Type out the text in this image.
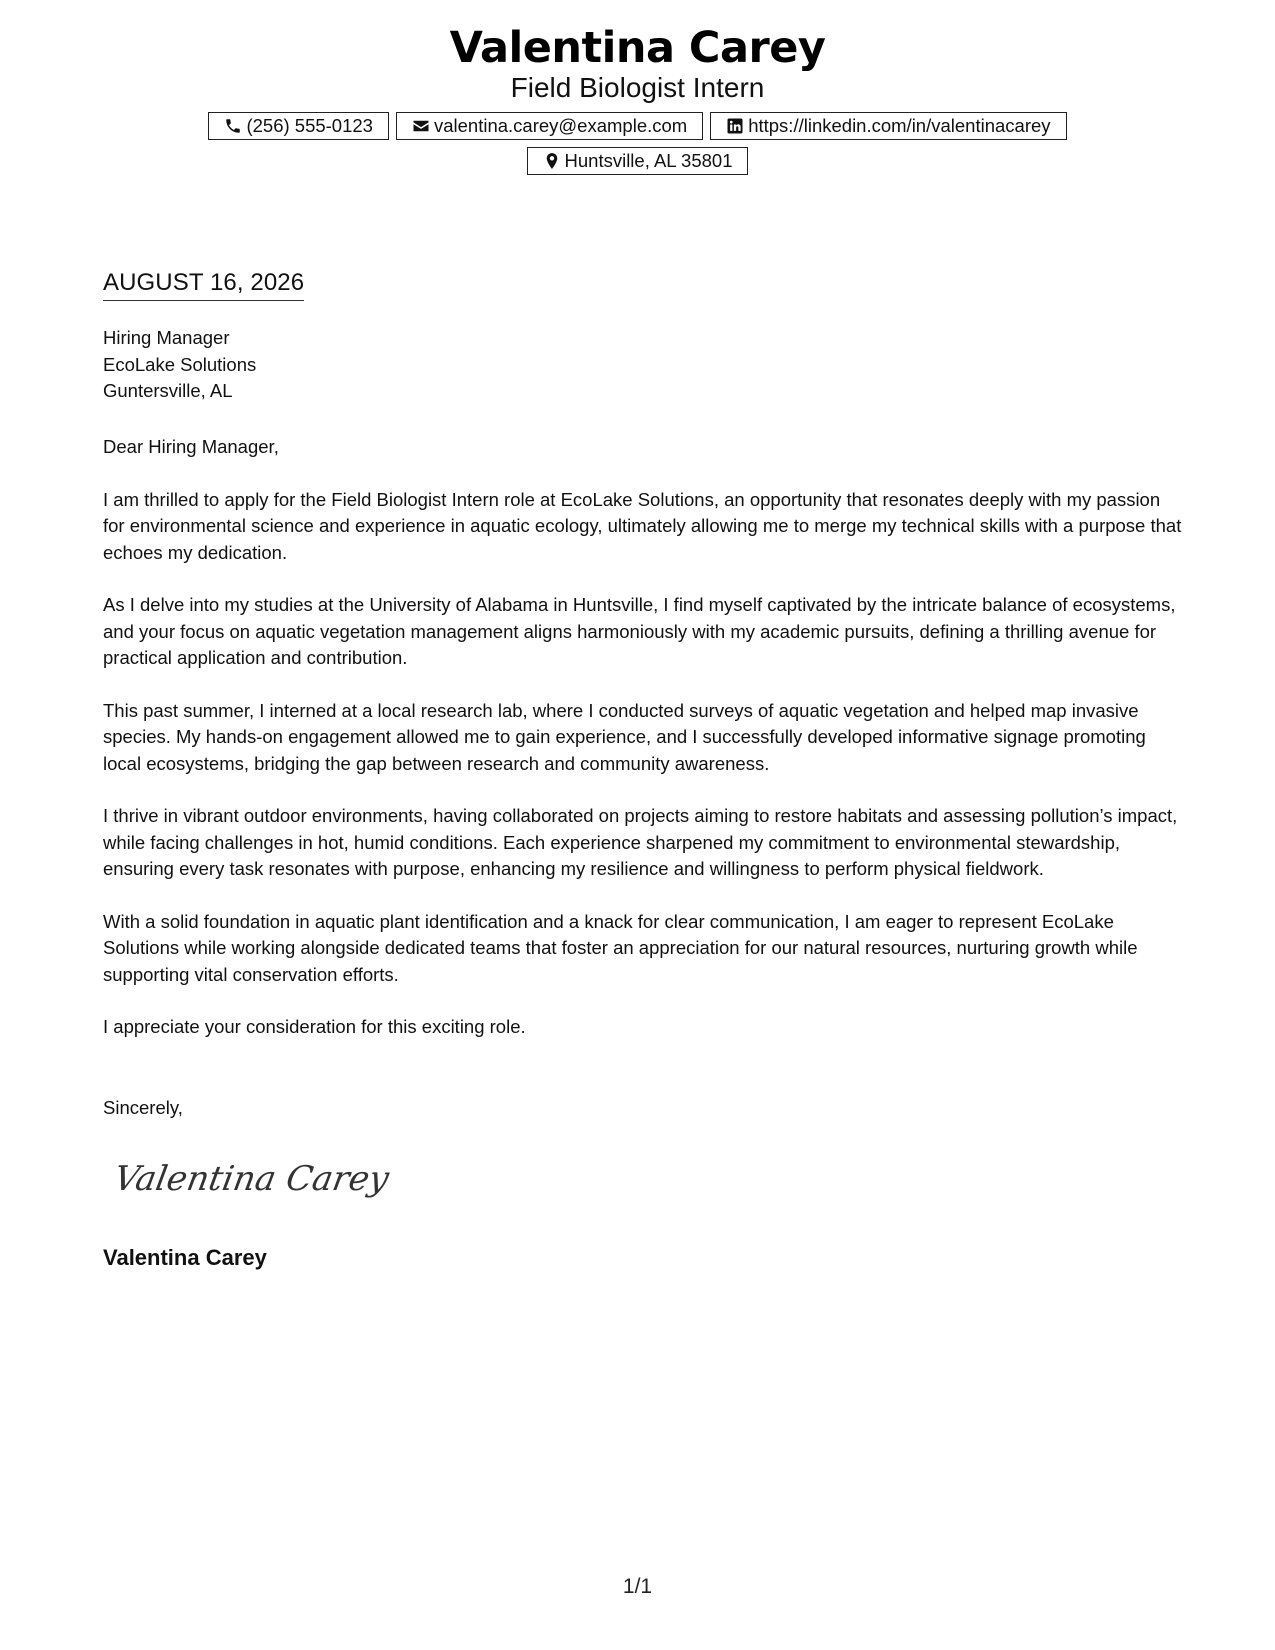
Valentina Carey
Field Biologist Intern
(256) 555-0123	valentina.carey@example.com	https://linkedin.com/in/valentinacarey
Huntsville, AL 35801
AUGUST 16, 2026
Hiring Manager
EcoLake Solutions
Guntersville, AL

Dear Hiring Manager,

I am thrilled to apply for the Field Biologist Intern role at EcoLake Solutions, an opportunity that resonates deeply with my passion for environmental science and experience in aquatic ecology, ultimately allowing me to merge my technical skills with a purpose that echoes my dedication.

As I delve into my studies at the University of Alabama in Huntsville, I find myself captivated by the intricate balance of ecosystems, and your focus on aquatic vegetation management aligns harmoniously with my academic pursuits, defining a thrilling avenue for practical application and contribution.

This past summer, I interned at a local research lab, where I conducted surveys of aquatic vegetation and helped map invasive species. My hands-on engagement allowed me to gain experience, and I successfully developed informative signage promoting local ecosystems, bridging the gap between research and community awareness.

I thrive in vibrant outdoor environments, having collaborated on projects aiming to restore habitats and assessing pollution’s impact, while facing challenges in hot, humid conditions. Each experience sharpened my commitment to environmental stewardship, ensuring every task resonates with purpose, enhancing my resilience and willingness to perform physical fieldwork.

With a solid foundation in aquatic plant identification and a knack for clear communication, I am eager to represent EcoLake Solutions while working alongside dedicated teams that foster an appreciation for our natural resources, nurturing growth while supporting vital conservation efforts.

I appreciate your consideration for this exciting role.

Sincerely,
Valentina Carey
Valentina Carey
1/1
